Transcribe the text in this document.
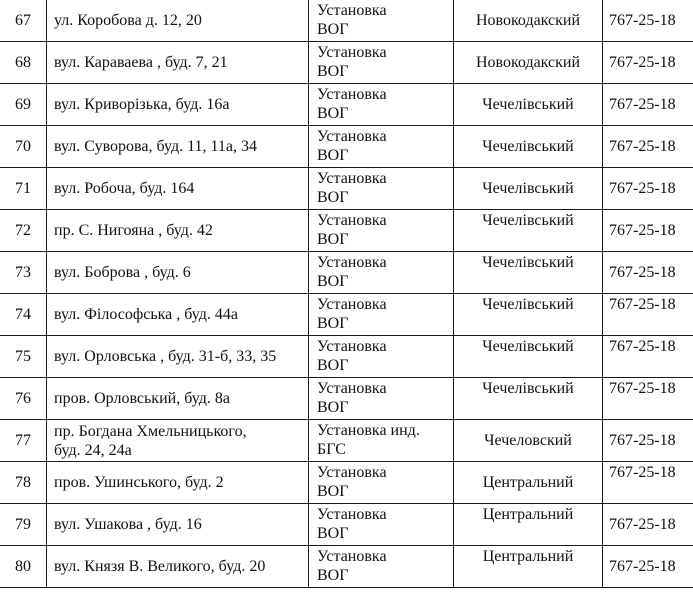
67	ул. Коробова д. 12, 20	Установка
ВОГ	Новокодакский	767-25-18
68	вул. Караваева , буд. 7, 21	Установка
ВОГ	Новокодакский	767-25-18
69	вул. Криворізька, буд. 16а	Установка
ВОГ	Чечелівський	767-25-18
70	вул. Суворова, буд. 11, 11а, 34	Установка
ВОГ	Чечелівський	767-25-18
71	вул. Робоча, буд. 164	Установка
ВОГ	Чечелівський	767-25-18
72	пр. С. Нигояна , буд. 42	Установка
ВОГ	Чечелівський	767-25-18
73	вул. Боброва , буд. 6	Установка
ВОГ	Чечелівський	767-25-18
74	вул. Філософська , буд. 44а	Установка
ВОГ	Чечелівський	767-25-18
75	вул. Орловська , буд. 31-б, 33, 35	Установка
ВОГ	Чечелівський	767-25-18
76	пров. Орловський, буд. 8а	Установка
ВОГ	Чечелівський	767-25-18
77	пр. Богдана Хмельницького,
буд. 24, 24а	Установка инд.
БГС	Чечеловский	767-25-18
78	пров. Ушинського, буд. 2	Установка
ВОГ	Центральний	767-25-18
79	вул. Ушакова , буд. 16	Установка
ВОГ	Центральний	767-25-18
80	вул. Князя В. Великого, буд. 20	Установка
ВОГ	Центральний	767-25-18
